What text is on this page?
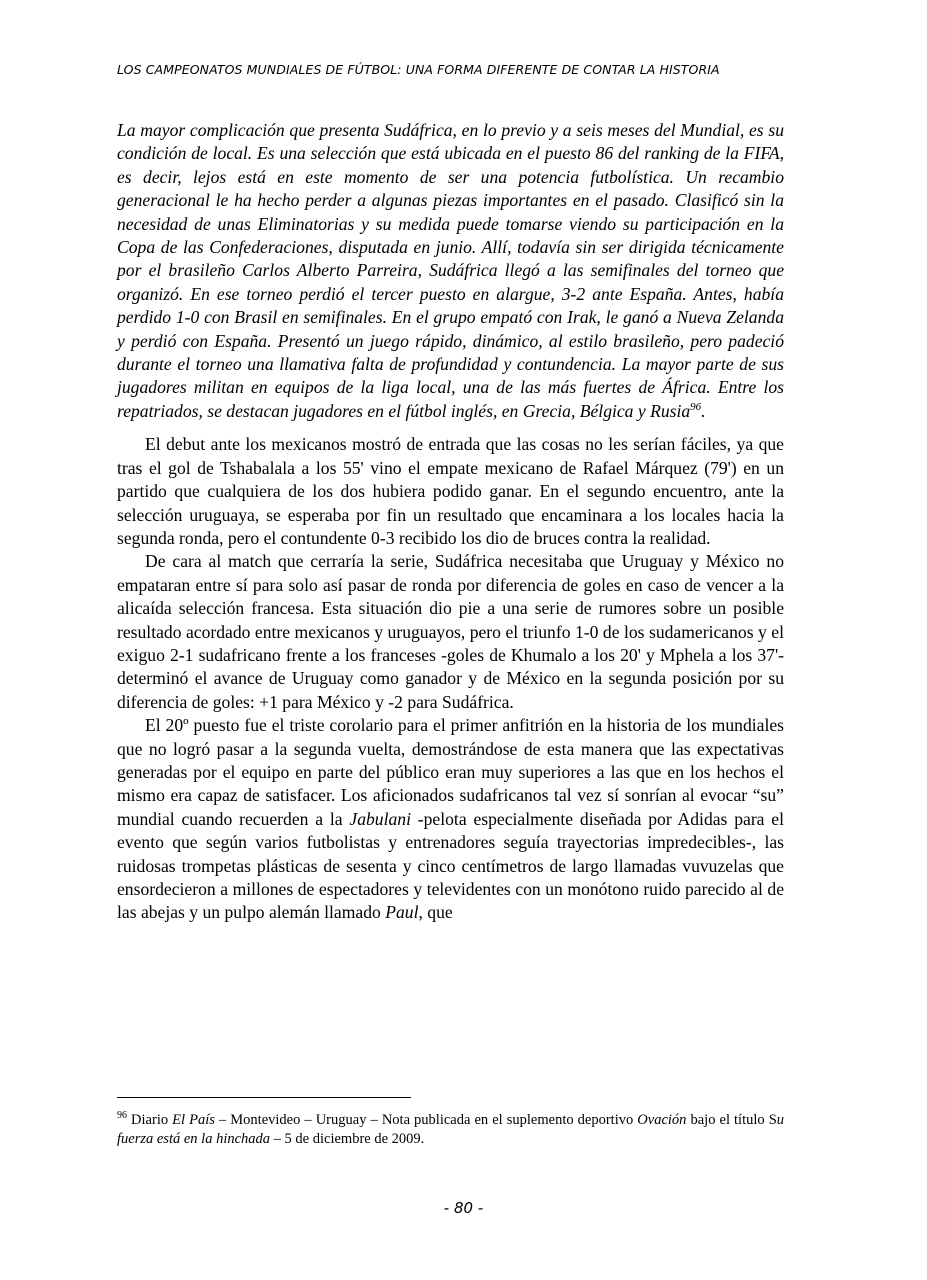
LOS CAMPEONATOS MUNDIALES DE FÚTBOL: UNA FORMA DIFERENTE DE CONTAR LA HISTORIA

La mayor complicación que presenta Sudáfrica, en lo previo y a seis meses del Mundial, es su condición de local. Es una selección que está ubicada en el puesto 86 del ranking de la FIFA, es decir, lejos está en este momento de ser una potencia futbolística. Un recambio generacional le ha hecho perder a algunas piezas importantes en el pasado. Clasificó sin la necesidad de unas Eliminatorias y su medida puede tomarse viendo su participación en la Copa de las Confederaciones, disputada en junio. Allí, todavía sin ser dirigida técnicamente por el brasileño Carlos Alberto Parreira, Sudáfrica llegó a las semifinales del torneo que organizó. En ese torneo perdió el tercer puesto en alargue, 3-2 ante España. Antes, había perdido 1-0 con Brasil en semifinales. En el grupo empató con Irak, le ganó a Nueva Zelanda y perdió con España. Presentó un juego rápido, dinámico, al estilo brasileño, pero padeció durante el torneo una llamativa falta de profundidad y contundencia. La mayor parte de sus jugadores militan en equipos de la liga local, una de las más fuertes de África. Entre los repatriados, se destacan jugadores en el fútbol inglés, en Grecia, Bélgica y Rusia$^{96}$.

El debut ante los mexicanos mostró de entrada que las cosas no les serían fáciles, ya que tras el gol de Tshabalala a los 55' vino el empate mexicano de Rafael Márquez (79') en un partido que cualquiera de los dos hubiera podido ganar. En el segundo encuentro, ante la selección uruguaya, se esperaba por fin un resultado que encaminara a los locales hacia la segunda ronda, pero el contundente 0-3 recibido los dio de bruces contra la realidad.

De cara al match que cerraría la serie, Sudáfrica necesitaba que Uruguay y México no empataran entre sí para solo así pasar de ronda por diferencia de goles en caso de vencer a la alicaída selección francesa. Esta situación dio pie a una serie de rumores sobre un posible resultado acordado entre mexicanos y uruguayos, pero el triunfo 1-0 de los sudamericanos y el exiguo 2-1 sudafricano frente a los franceses -goles de Khumalo a los 20' y Mphela a los 37'- determinó el avance de Uruguay como ganador y de México en la segunda posición por su diferencia de goles: +1 para México y -2 para Sudáfrica.

El 20º puesto fue el triste corolario para el primer anfitrión en la historia de los mundiales que no logró pasar a la segunda vuelta, demostrándose de esta manera que las expectativas generadas por el equipo en parte del público eran muy superiores a las que en los hechos el mismo era capaz de satisfacer. Los aficionados sudafricanos tal vez sí sonrían al evocar “su” mundial cuando recuerden a la Jabulani -pelota especialmente diseñada por Adidas para el evento que según varios futbolistas y entrenadores seguía trayectorias impredecibles-, las ruidosas trompetas plásticas de sesenta y cinco centímetros de largo llamadas vuvuzelas que ensordecieron a millones de espectadores y televidentes con un monótono ruido parecido al de las abejas y un pulpo alemán llamado Paul, que

$^{96}$ Diario El País – Montevideo – Uruguay – Nota publicada en el suplemento deportivo Ovación bajo el título Su fuerza está en la hinchada – 5 de diciembre de 2009.
- 80 -
